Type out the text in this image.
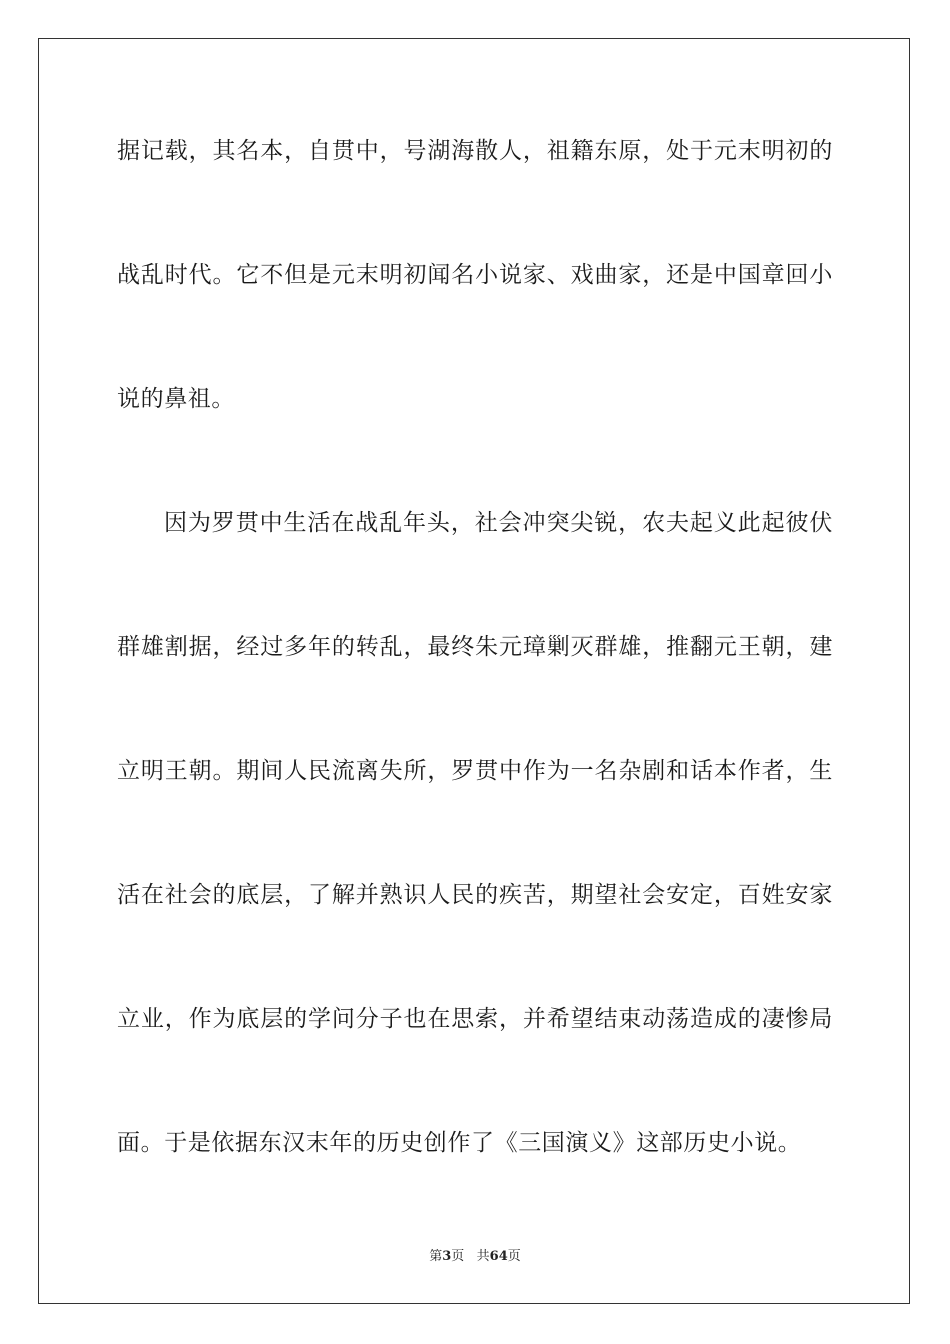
据记载，其名本，自贯中，号湖海散人，祖籍东原，处于元末明初的
战乱时代。它不但是元末明初闻名小说家、戏曲家，还是中国章回小
说的鼻祖。
因为罗贯中生活在战乱年头，社会冲突尖锐，农夫起义此起彼伏
群雄割据，经过多年的转乱，最终朱元璋剿灭群雄，推翻元王朝，建
立明王朝。期间人民流离失所，罗贯中作为一名杂剧和话本作者，生
活在社会的底层，了解并熟识人民的疾苦，期望社会安定，百姓安家
立业，作为底层的学问分子也在思索，并希望结束动荡造成的凄惨局
面。于是依据东汉末年的历史创作了《三国演义》这部历史小说。
第3页   共64页
